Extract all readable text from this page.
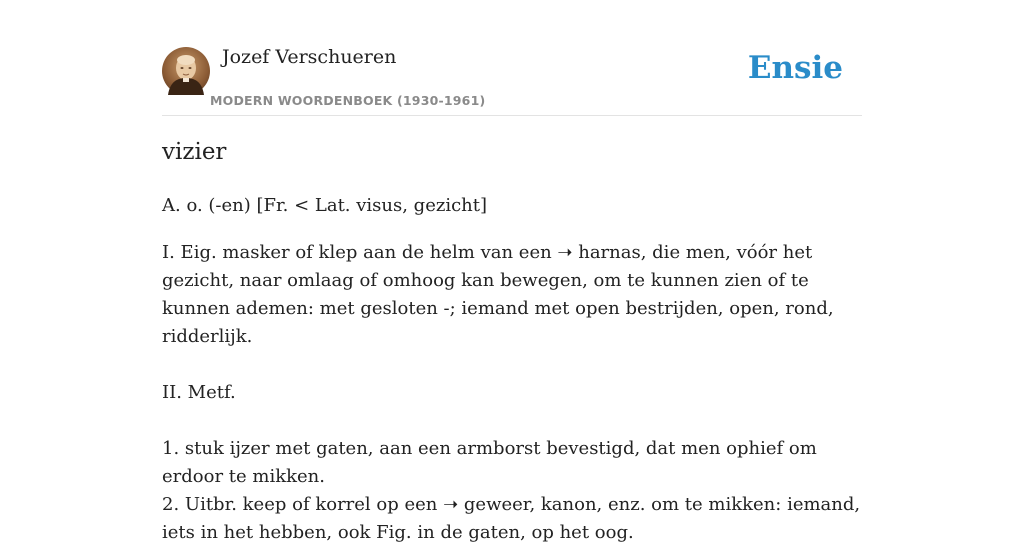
Jozef Verschueren
MODERN WOORDENBOEK (1930-1961)
Ensie
vizier

A. o. (-en) [Fr. < Lat. visus, gezicht]

I. Eig. masker of klep aan de helm van een ➝ harnas, die men, vóór het gezicht, naar omlaag of omhoog kan bewegen, om te kunnen zien of te kunnen ademen: met gesloten -; iemand met open bestrijden, open, rond, ridderlijk.

II. Metf.

1. stuk ijzer met gaten, aan een armborst bevestigd, dat men ophief om erdoor te mikken.

2. Uitbr. keep of korrel op een ➝ geweer, kanon, enz. om te mikken: iemand, iets in het hebben, ook Fig. in de gaten, op het oog.
